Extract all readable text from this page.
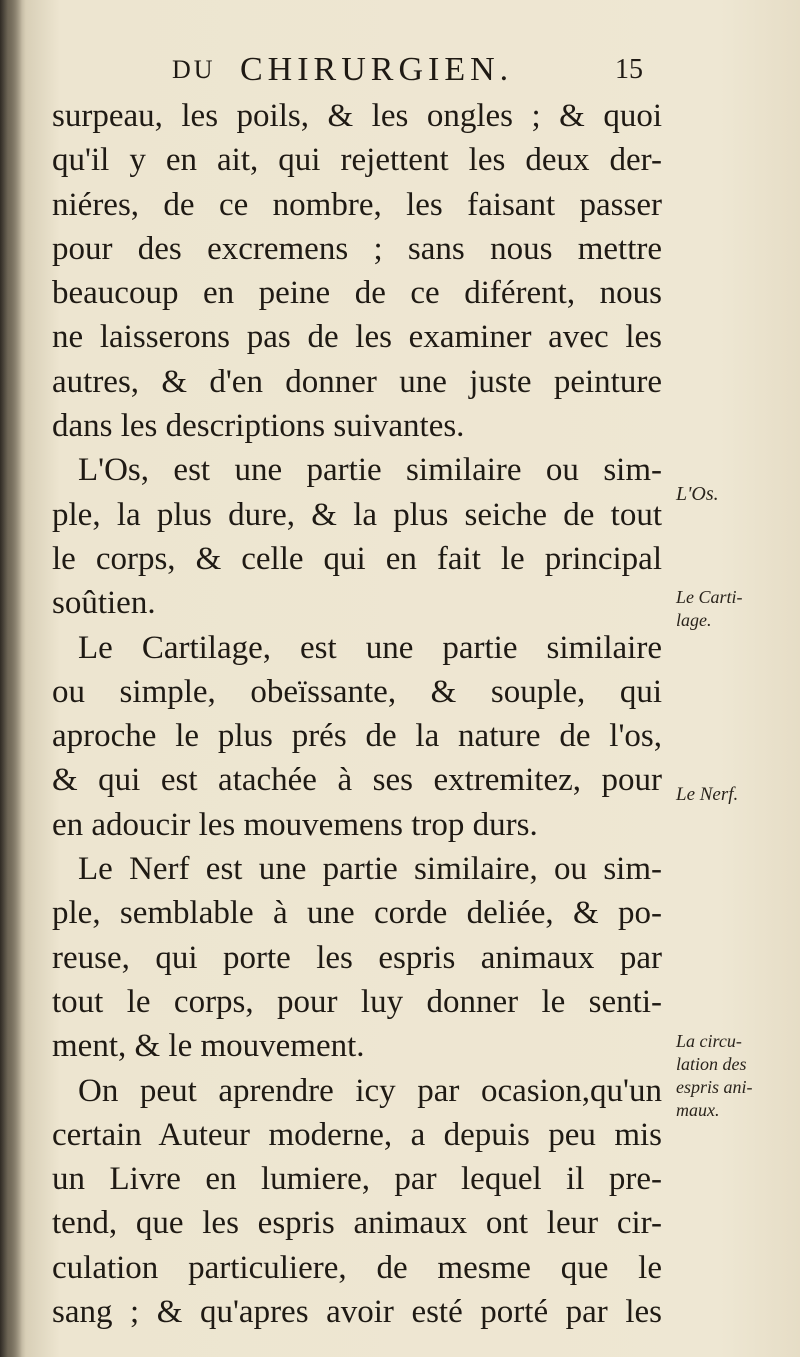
DU CHIRURGIEN.	15
surpeau, les poils, & les ongles ; & quoi
qu'il y en ait, qui rejettent les deux der-
niéres, de ce nombre, les faisant passer
pour des excremens ; sans nous mettre
beaucoup en peine de ce diférent, nous
ne laisserons pas de les examiner avec les
autres, & d'en donner une juste peinture
dans les descriptions suivantes.
L'Os, est une partie similaire ou sim-
ple, la plus dure, & la plus seiche de tout
le corps, & celle qui en fait le principal
soûtien.
Le Cartilage, est une partie similaire
ou simple, obeïssante, & souple, qui
aproche le plus prés de la nature de l'os,
& qui est atachée à ses extremitez, pour
en adoucir les mouvemens trop durs.
Le Nerf est une partie similaire, ou sim-
ple, semblable à une corde deliée, & po-
reuse, qui porte les espris animaux par
tout le corps, pour luy donner le senti-
ment, & le mouvement.
On peut aprendre icy par ocasion,qu'un
certain Auteur moderne, a depuis peu mis
un Livre en lumiere, par lequel il pre-
tend, que les espris animaux ont leur cir-
culation particuliere, de mesme que le
sang ; & qu'apres avoir esté porté par les
L'Os.
Le Carti-
lage.
Le Nerf.
La circu-
lation des
espris ani-
maux.
